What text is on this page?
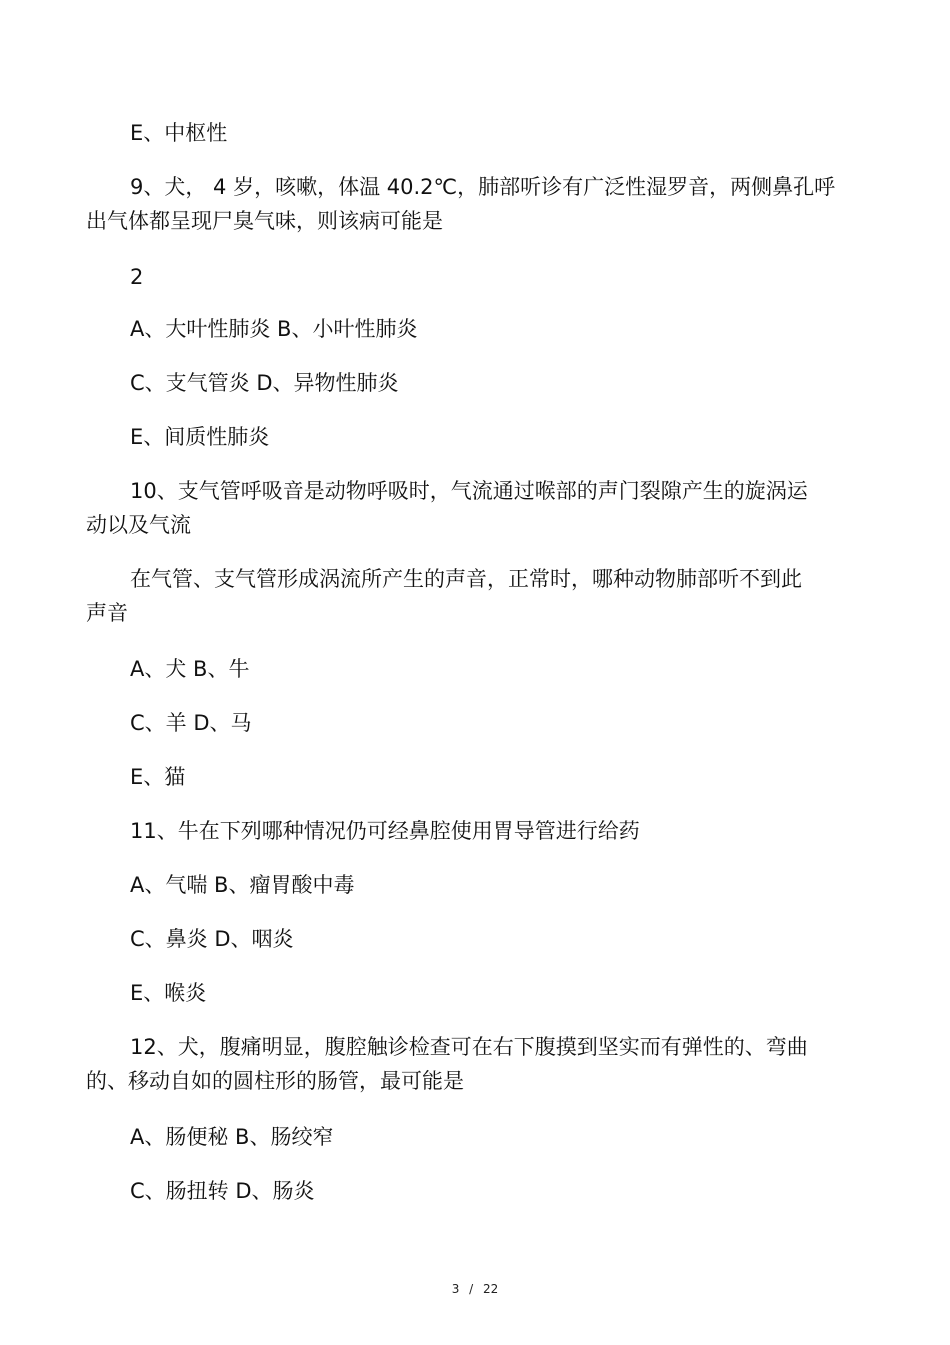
E、中枢性

9、犬， 4 岁，咳嗽，体温 40.2℃，肺部听诊有广泛性湿罗音，两侧鼻孔呼

出气体都呈现尸臭气味，则该病可能是

2

A、大叶性肺炎 B、小叶性肺炎

C、支气管炎 D、异物性肺炎

E、间质性肺炎

10、支气管呼吸音是动物呼吸时，气流通过喉部的声门裂隙产生的旋涡运

动以及气流

在气管、支气管形成涡流所产生的声音，正常时，哪种动物肺部听不到此

声音

A、犬 B、牛

C、羊 D、马

E、猫

11、牛在下列哪种情况仍可经鼻腔使用胃导管进行给药

A、气喘 B、瘤胃酸中毒

C、鼻炎 D、咽炎

E、喉炎

12、犬，腹痛明显，腹腔触诊检查可在右下腹摸到坚实而有弹性的、弯曲

的、移动自如的圆柱形的肠管，最可能是

A、肠便秘 B、肠绞窄

C、肠扭转 D、肠炎

3 / 22
